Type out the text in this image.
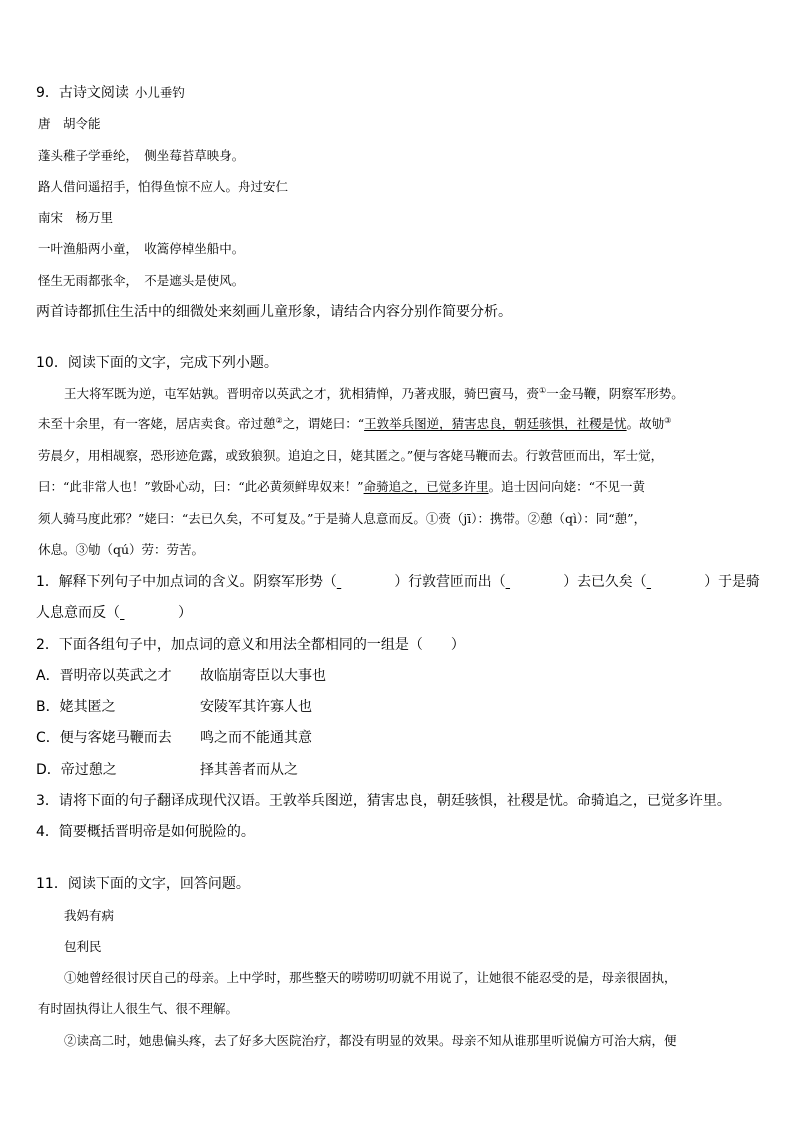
9．古诗文阅读 小儿垂钓
唐　胡令能
蓬头稚子学垂纶，　侧坐莓苔草映身。
路人借问遥招手，怕得鱼惊不应人。舟过安仁
南宋　杨万里
一叶渔船两小童，　收篙停棹坐船中。
怪生无雨都张伞，　不是遮头是使风。
两首诗都抓住生活中的细微处来刻画儿童形象，请结合内容分别作简要分析。
10．阅读下面的文字，完成下列小题。
王大将军既为逆，屯军姑孰。晋明帝以英武之才，犹相猜惮，乃著戎服，骑巴賨马，赍①一金马鞭，阴察军形势。
未至十余里，有一客姥，居店卖食。帝过憩②之，谓姥曰：“王敦举兵图逆，猜害忠良，朝廷骇惧，社稷是忧。故劬③
劳晨夕，用相觇察，恐形迹危露，或致狼狈。追迫之日，姥其匿之。”便与客姥马鞭而去。行敦营匝而出，军士觉，
曰：“此非常人也！”敦卧心动，曰：“此必黄须鲜卑奴来！”命骑追之，已觉多许里。追士因问向姥：“不见一黄
须人骑马度此邪？”姥曰：“去已久矣，不可复及。”于是骑人息意而反。①赍（jī）：携带。②憩（qì）：同“憩”，
休息。③劬（qú）劳：劳苦。
1．解释下列句子中加点词的含义。阴察军形势（	）行敦营匝而出（	）去已久矣（	）于是骑
人息意而反（	）
2．下面各组句子中，加点词的意义和用法全都相同的一组是（　　）
A．晋明帝以英武之才 故临崩寄臣以大事也
B．姥其匿之	安陵军其许寡人也
C．便与客姥马鞭而去 鸣之而不能通其意
D．帝过憩之	择其善者而从之
3．请将下面的句子翻译成现代汉语。王敦举兵图逆，猜害忠良，朝廷骇惧，社稷是忧。命骑追之，已觉多许里。
4．简要概括晋明帝是如何脱险的。
11．阅读下面的文字，回答问题。
我妈有病
包利民
①她曾经很讨厌自己的母亲。上中学时，那些整天的唠唠叨叨就不用说了，让她很不能忍受的是，母亲很固执，
有时固执得让人很生气、很不理解。
②读高二时，她患偏头疼，去了好多大医院治疗，都没有明显的效果。母亲不知从谁那里听说偏方可治大病，便
